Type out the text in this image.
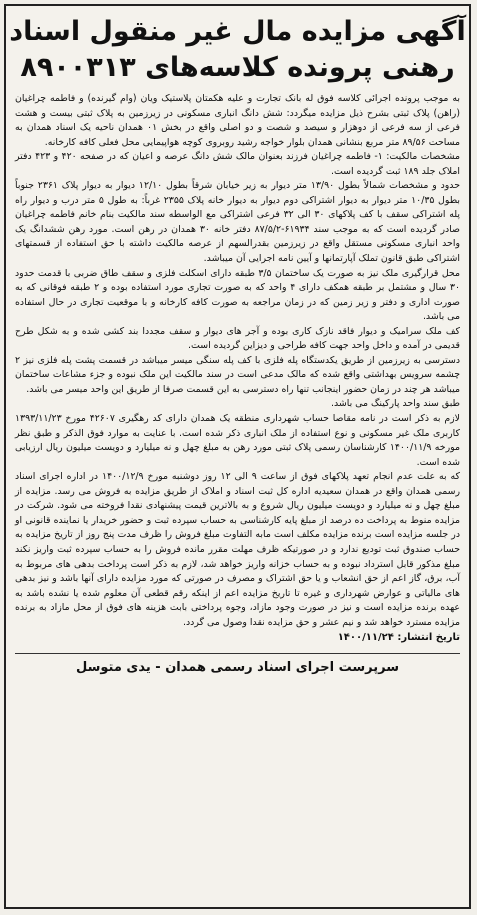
آگهی مزایده مال غیر منقول اسناد
رهنی پرونده کلاسه‌های ۸۹۰۰۳۱۳

به موجب پرونده اجرائی کلاسه فوق له بانک تجارت و علیه هکمتان پلاستیک ویان (وام گیرنده) و فاطمه چراغیان (راهن) پلاک ثبتی بشرح ذیل مزایده میگردد: شش دانگ انباری مسکونی در زیرزمین به پلاک ثبتی بیست و هشت فرعی از سه فرعی از دوهزار و سیصد و شصت و دو اصلی واقع در بخش ۰۱ همدان ناحیه یک اسناد همدان به مساحت ۸۹/۵۶ متر مربع بنشانی همدان بلوار خواجه رشید روبروی کوچه هواپیمایی محل فعلی کافه کارخانه.

مشخصات مالکیت: ۱- فاطمه چراغیان فرزند بعنوان مالک شش دانگ عرصه و اعیان که در صفحه ۴۲۰ و ۴۲۳ دفتر املاک جلد ۱۸۹ ثبت گردیده است.

حدود و مشخصات شمالاً بطول ۱۳/۹۰ متر دیوار به زیر خیابان شرقاً بطول ۱۲/۱۰ دیوار به دیوار پلاک ۲۳۶۱ جنوباً بطول ۱۰/۳۵ متر دیوار به دیوار اشتراکی دوم دیوار به دیوار خانه پلاک ۲۳۵۵ غرباً: به طول ۵ متر درب و دیوار راه پله اشتراکی سقف با کف پلاکهای ۳۰ الی ۳۲ فرعی اشتراکی مع الواسطه سند مالکیت بنام خانم فاطمه چراغیان صادر گردیده است که به موجب سند ۶۱۹۳۴-۸۷/۵/۲ دفتر خانه ۳۰ همدان در رهن است. مورد رهن ششدانگ یک واحد انباری مسکونی مستقل واقع در زیرزمین بقدرالسهم از عرصه مالکیت داشته با حق استفاده از قسمتهای اشتراکی طبق قانون تملک آپارتمانها و آیین نامه اجرایی آن میباشد.

محل قرارگیری ملک نیز به صورت یک ساختمان ۳/۵ طبقه دارای اسکلت فلزی و سقف طاق ضربی با قدمت حدود ۳۰ سال و مشتمل بر طبقه همکف دارای ۴ واحد که به صورت تجاری مورد استفاده بوده و ۲ طبقه فوقانی که به صورت اداری و دفتر و زیر زمین که در زمان مراجعه به صورت کافه کارخانه و با موقعیت تجاری در حال استفاده می باشد.

کف ملک سرامیک و دیوار فاقد نازک کاری بوده و آجر های دیوار و سقف مجددا بند کشی شده و به شکل طرح قدیمی در آمده و داخل واحد جهت کافه طراحی و دیزاین گردیده است.

دسترسی به زیرزمین از طریق یکدستگاه پله فلزی با کف پله سنگی میسر میباشد در قسمت پشت پله فلزی نیز ۲ چشمه سرویس بهداشتی واقع شده که مالک مدعی است در سند مالکیت این ملک نبوده و جزء مشاعات ساختمان میباشد هر چند در زمان حضور اینجانب تنها راه دسترسی به این قسمت صرفا از طریق این واحد میسر می باشد.

طبق سند واحد پارکینگ می باشد.

لازم به ذکر است در نامه مقاصا حساب شهرداری منطقه یک همدان دارای کد رهگیری ۴۲۶۰۷ مورخ ۱۳۹۳/۱۱/۲۳ کاربری ملک غیر مسکونی و نوع استفاده از ملک انباری ذکر شده است. با عنایت به موارد فوق الذکر و طبق نظر مورخه ۱۴۰۰/۱۱/۹ کارشناسان رسمی پلاک ثبتی مورد رهن به مبلغ چهل و نه میلیارد و دویست میلیون ریال ارزیابی شده است.

که به علت عدم انجام تعهد پلاکهای فوق از ساعت ۹ الی ۱۲ روز دوشنبه مورخ ۱۴۰۰/۱۲/۹ در اداره اجرای اسناد رسمی همدان واقع در همدان سعیدیه اداره کل ثبت اسناد و املاک از طریق مزایده به فروش می رسد. مزایده از مبلغ چهل و نه میلیارد و دویست میلیون ریال شروع و به بالاترین قیمت پیشنهادی نقدا فروخته می شود. شرکت در مزایده منوط به پرداخت ده درصد از مبلغ پایه کارشناسی به حساب سپرده ثبت و حضور خریدار یا نماینده قانونی او در جلسه مزایده است برنده مزایده مکلف است مابه التفاوت مبلغ فروش را ظرف مدت پنج روز از تاریخ مزایده به حساب صندوق ثبت تودیع ندارد و در صورتیکه ظرف مهلت مقرر مانده فروش را به حساب سپرده ثبت واریز نکند مبلغ مذکور قابل استرداد نبوده و به حساب خزانه واریز خواهد شد، لازم به ذکر است پرداخت بدهی های مربوط به آب، برق، گاز اعم از حق انشعاب و یا حق اشتراک و مصرف در صورتی که مورد مزایده دارای آنها باشد و نیز بدهی های مالیاتی و عوارض شهرداری و غیره تا تاریخ مزایده اعم از اینکه رقم قطعی آن معلوم شده یا نشده باشد به عهده برنده مزایده است و نیز در صورت وجود مازاد، وجوه پرداختی بابت هزینه های فوق از محل مازاد به برنده مزایده مسترد خواهد شد و نیم عشر و حق مزایده نقدا وصول می گردد.

تاریخ انتشار: ۱۴۰۰/۱۱/۲۴
سرپرست اجرای اسناد رسمی همدان - یدی متوسل
